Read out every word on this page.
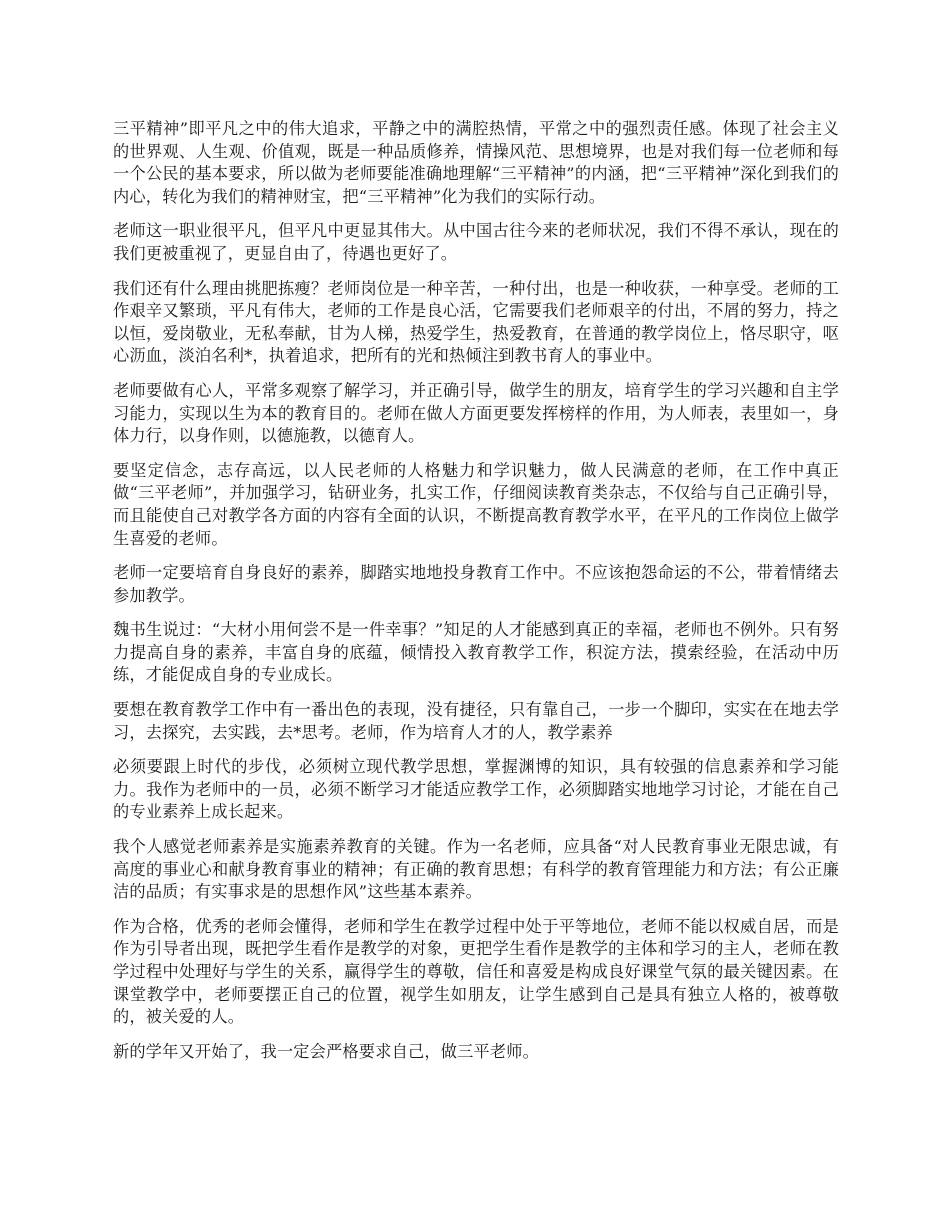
三平精神”即平凡之中的伟大追求，平静之中的满腔热情，平常之中的强烈责任感。体现了社会主义的世界观、人生观、价值观，既是一种品质修养，情操风范、思想境界，也是对我们每一位老师和每一个公民的基本要求，所以做为老师要能准确地理解“三平精神”的内涵，把“三平精神”深化到我们的内心，转化为我们的精神财宝，把“三平精神”化为我们的实际行动。

老师这一职业很平凡，但平凡中更显其伟大。从中国古往今来的老师状况，我们不得不承认，现在的我们更被重视了，更显自由了，待遇也更好了。

我们还有什么理由挑肥拣瘦？老师岗位是一种辛苦，一种付出，也是一种收获，一种享受。老师的工作艰辛又繁琐，平凡有伟大，老师的工作是良心活，它需要我们老师艰辛的付出，不屑的努力，持之以恒，爱岗敬业，无私奉献，甘为人梯，热爱学生，热爱教育，在普通的教学岗位上，恪尽职守，呕心沥血，淡泊名利*，执着追求，把所有的光和热倾注到教书育人的事业中。

老师要做有心人，平常多观察了解学习，并正确引导，做学生的朋友，培育学生的学习兴趣和自主学习能力，实现以生为本的教育目的。老师在做人方面更要发挥榜样的作用，为人师表，表里如一，身体力行，以身作则，以德施教，以德育人。

要坚定信念，志存高远，以人民老师的人格魅力和学识魅力，做人民满意的老师，在工作中真正做“三平老师”，并加强学习，钻研业务，扎实工作，仔细阅读教育类杂志，不仅给与自己正确引导，而且能使自己对教学各方面的内容有全面的认识，不断提高教育教学水平，在平凡的工作岗位上做学生喜爱的老师。

老师一定要培育自身良好的素养，脚踏实地地投身教育工作中。不应该抱怨命运的不公，带着情绪去参加教学。

魏书生说过：“大材小用何尝不是一件幸事？”知足的人才能感到真正的幸福，老师也不例外。只有努力提高自身的素养，丰富自身的底蕴，倾情投入教育教学工作，积淀方法，摸索经验，在活动中历练，才能促成自身的专业成长。

要想在教育教学工作中有一番出色的表现，没有捷径，只有靠自己，一步一个脚印，实实在在地去学习，去探究，去实践，去*思考。老师，作为培育人才的人，教学素养

必须要跟上时代的步伐，必须树立现代教学思想，掌握渊博的知识，具有较强的信息素养和学习能力。我作为老师中的一员，必须不断学习才能适应教学工作，必须脚踏实地地学习讨论，才能在自己的专业素养上成长起来。

我个人感觉老师素养是实施素养教育的关键。作为一名老师，应具备“对人民教育事业无限忠诚，有高度的事业心和献身教育事业的精神；有正确的教育思想；有科学的教育管理能力和方法；有公正廉洁的品质；有实事求是的思想作风”这些基本素养。

作为合格，优秀的老师会懂得，老师和学生在教学过程中处于平等地位，老师不能以权威自居，而是作为引导者出现，既把学生看作是教学的对象，更把学生看作是教学的主体和学习的主人，老师在教学过程中处理好与学生的关系，赢得学生的尊敬，信任和喜爱是构成良好课堂气氛的最关键因素。在课堂教学中，老师要摆正自己的位置，视学生如朋友，让学生感到自己是具有独立人格的，被尊敬的，被关爱的人。

新的学年又开始了，我一定会严格要求自己，做三平老师。
